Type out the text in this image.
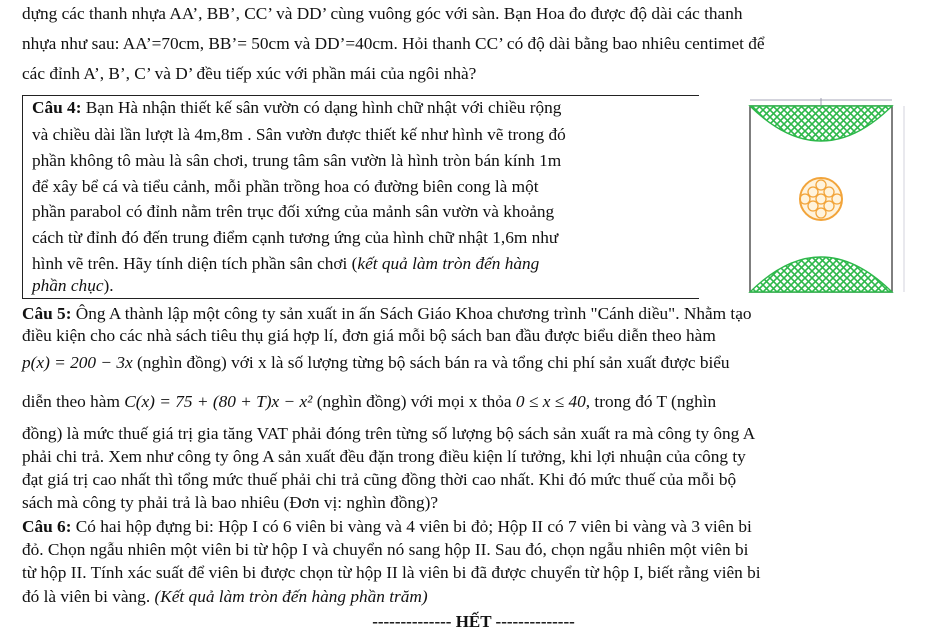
dựng các thanh nhựa AA’, BB’, CC’ và DD’ cùng vuông góc với sàn. Bạn Hoa đo được độ dài các thanh
nhựa như sau: AA’=70cm, BB’= 50cm và DD’=40cm. Hỏi thanh CC’ có độ dài bằng bao nhiêu centimet để
các đỉnh A’, B’, C’ và D’ đều tiếp xúc với phần mái của ngôi nhà?
Câu 4: Bạn Hà nhận thiết kế sân vườn có dạng hình chữ nhật với chiều rộng
và chiều dài lần lượt là 4m,8m . Sân vườn được thiết kế như hình vẽ trong đó
phần không tô màu là sân chơi, trung tâm sân vườn là hình tròn bán kính 1m
để xây bể cá và tiểu cảnh, mỗi phần trồng hoa có đường biên cong là một
phần parabol có đỉnh nằm trên trục đối xứng của mảnh sân vườn và khoảng
cách từ đỉnh đó đến trung điểm cạnh tương ứng của hình chữ nhật 1,6m như
hình vẽ trên. Hãy tính diện tích phần sân chơi (kết quả làm tròn đến hàng
phần chục).
Câu 5: Ông A thành lập một công ty sản xuất in ấn Sách Giáo Khoa chương trình "Cánh diều". Nhằm tạo
điều kiện cho các nhà sách tiêu thụ giá hợp lí, đơn giá mỗi bộ sách ban đầu được biểu diễn theo hàm
p(x) = 200 − 3x (nghìn đồng) với x là số lượng từng bộ sách bán ra và tổng chi phí sản xuất được biểu
diễn theo hàm C(x) = 75 + (80 + T)x − x² (nghìn đồng) với mọi x thỏa 0 ≤ x ≤ 40, trong đó T (nghìn
đồng) là mức thuế giá trị gia tăng VAT phải đóng trên từng số lượng bộ sách sản xuất ra mà công ty ông A
phải chi trả. Xem như công ty ông A sản xuất đều đặn trong điều kiện lí tưởng, khi lợi nhuận của công ty
đạt giá trị cao nhất thì tổng mức thuế phải chi trả cũng đồng thời cao nhất. Khi đó mức thuế của mỗi bộ
sách mà công ty phải trả là bao nhiêu (Đơn vị: nghìn đồng)?
Câu 6: Có hai hộp đựng bi: Hộp I có 6 viên bi vàng và 4 viên bi đỏ; Hộp II có 7 viên bi vàng và 3 viên bi
đỏ. Chọn ngẫu nhiên một viên bi từ hộp I và chuyển nó sang hộp II. Sau đó, chọn ngẫu nhiên một viên bi
từ hộp II. Tính xác suất để viên bi được chọn từ hộp II là viên bi đã được chuyển từ hộp I, biết rằng viên bi
đó là viên bi vàng. (Kết quả làm tròn đến hàng phần trăm)
-------------- HẾT --------------
